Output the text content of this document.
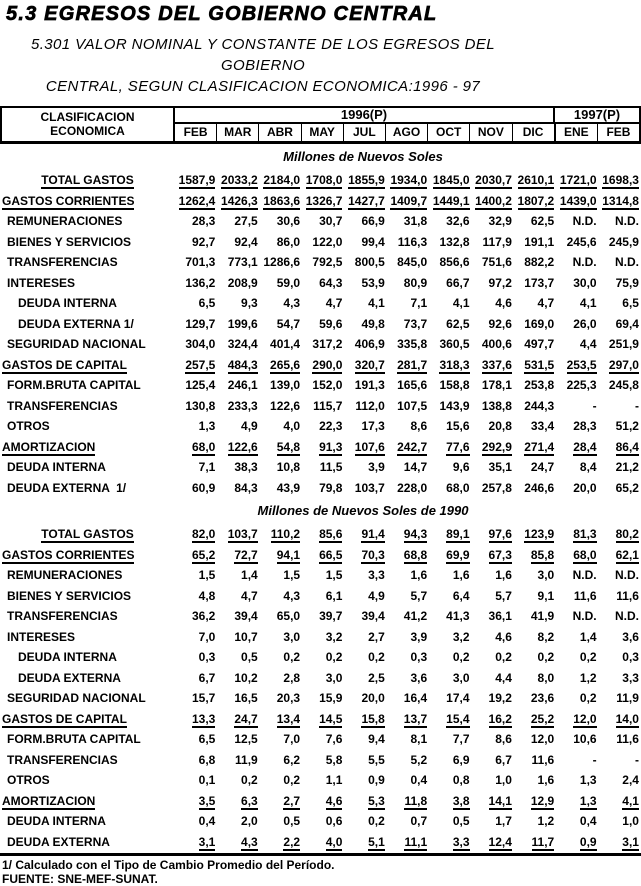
5.3 EGRESOS DEL GOBIERNO CENTRAL
5.301 VALOR NOMINAL Y CONSTANTE DE LOS EGRESOS DEL GOBIERNO
CENTRAL, SEGUN CLASIFICACION ECONOMICA:1996 - 97
CLASIFICACION
ECONOMICA
1996(P)	1997(P)
FEB	MAR	ABR	MAY	JUL	AGO	OCT	NOV	DIC	ENE	FEB
Millones de Nuevos Soles
TOTAL GASTOS	1587,9 2033,2 2184,0 1708,0 1855,9 1934,0 1845,0 2030,7 2610,1 1721,0 1698,3
GASTOS CORRIENTES	1262,4 1426,3 1863,6 1326,7 1427,7 1409,7 1449,1 1400,2 1807,2 1439,0 1314,8
REMUNERACIONES	28,3	27,5	30,6	30,7	66,9	31,8	32,6	32,9	62,5	N.D.	N.D.
BIENES Y SERVICIOS	92,7	92,4	86,0	122,0	99,4	116,3	132,8	117,9	191,1	245,6	245,9
TRANSFERENCIAS	701,3	773,1 1286,6	792,5	800,5	845,0	856,6	751,6	882,2	N.D.	N.D.
INTERESES	136,2	208,9	59,0	64,3	53,9	80,9	66,7	97,2	173,7	30,0	75,9
DEUDA INTERNA	6,5	9,3	4,3	4,7	4,1	7,1	4,1	4,6	4,7	4,1	6,5
DEUDA EXTERNA 1/	129,7	199,6	54,7	59,6	49,8	73,7	62,5	92,6	169,0	26,0	69,4
SEGURIDAD NACIONAL	304,0	324,4	401,4	317,2	406,9	335,8	360,5	400,6	497,7	4,4	251,9
GASTOS DE CAPITAL	257,5	484,3	265,6	290,0	320,7	281,7	318,3	337,6	531,5	253,5	297,0
FORM.BRUTA CAPITAL	125,4	246,1	139,0	152,0	191,3	165,6	158,8	178,1	253,8	225,3	245,8
TRANSFERENCIAS	130,8	233,3	122,6	115,7	112,0	107,5	143,9	138,8	244,3	-	-
OTROS	1,3	4,9	4,0	22,3	17,3	8,6	15,6	20,8	33,4	28,3	51,2
AMORTIZACION	68,0	122,6	54,8	91,3	107,6	242,7	77,6	292,9	271,4	28,4	86,4
DEUDA INTERNA	7,1	38,3	10,8	11,5	3,9	14,7	9,6	35,1	24,7	8,4	21,2
DEUDA EXTERNA  1/	60,9	84,3	43,9	79,8	103,7	228,0	68,0	257,8	246,6	20,0	65,2
Millones de Nuevos Soles de 1990
TOTAL GASTOS	82,0	103,7	110,2	85,6	91,4	94,3	89,1	97,6	123,9	81,3	80,2
GASTOS CORRIENTES	65,2	72,7	94,1	66,5	70,3	68,8	69,9	67,3	85,8	68,0	62,1
REMUNERACIONES	1,5	1,4	1,5	1,5	3,3	1,6	1,6	1,6	3,0	N.D.	N.D.
BIENES Y SERVICIOS	4,8	4,7	4,3	6,1	4,9	5,7	6,4	5,7	9,1	11,6	11,6
TRANSFERENCIAS	36,2	39,4	65,0	39,7	39,4	41,2	41,3	36,1	41,9	N.D.	N.D.
INTERESES	7,0	10,7	3,0	3,2	2,7	3,9	3,2	4,6	8,2	1,4	3,6
DEUDA INTERNA	0,3	0,5	0,2	0,2	0,2	0,3	0,2	0,2	0,2	0,2	0,3
DEUDA EXTERNA	6,7	10,2	2,8	3,0	2,5	3,6	3,0	4,4	8,0	1,2	3,3
SEGURIDAD NACIONAL	15,7	16,5	20,3	15,9	20,0	16,4	17,4	19,2	23,6	0,2	11,9
GASTOS DE CAPITAL	13,3	24,7	13,4	14,5	15,8	13,7	15,4	16,2	25,2	12,0	14,0
FORM.BRUTA CAPITAL	6,5	12,5	7,0	7,6	9,4	8,1	7,7	8,6	12,0	10,6	11,6
TRANSFERENCIAS	6,8	11,9	6,2	5,8	5,5	5,2	6,9	6,7	11,6	-	-
OTROS	0,1	0,2	0,2	1,1	0,9	0,4	0,8	1,0	1,6	1,3	2,4
AMORTIZACION	3,5	6,3	2,7	4,6	5,3	11,8	3,8	14,1	12,9	1,3	4,1
DEUDA INTERNA	0,4	2,0	0,5	0,6	0,2	0,7	0,5	1,7	1,2	0,4	1,0
DEUDA EXTERNA	3,1	4,3	2,2	4,0	5,1	11,1	3,3	12,4	11,7	0,9	3,1
1/ Calculado con el Tipo de Cambio Promedio del Período.
FUENTE: SNE-MEF-SUNAT.
